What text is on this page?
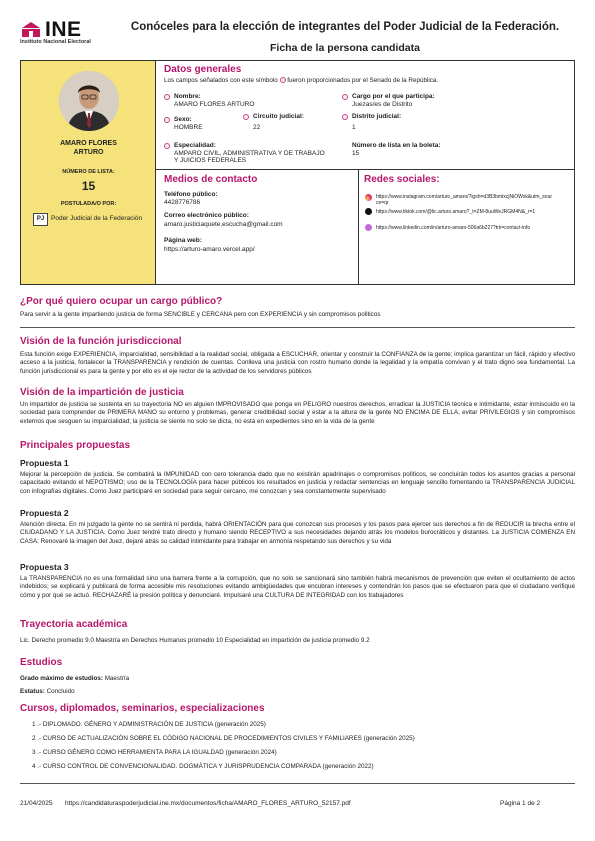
INE
Instituto Nacional Electoral
Conóceles para la elección de integrantes del Poder Judicial de la Federación.
Ficha de la persona candidata
AMARO FLORES
ARTURO
NÚMERO DE LISTA:
15
POSTULADA/O POR:
PJ	Poder Judicial de la Federación
Datos generales
Los campos señalados con este símbolo fueron proporcionados por el Senado de la República.
Nombre:
AMARO FLORES ARTURO
Cargo por el que participa:
Juezas/es de Distrito
Sexo:
HOMBRE
Circuito judicial:
22
Distrito judicial:
1
Especialidad:
AMPARO CIVIL, ADMINISTRATIVA Y DE TRABAJO
Y JUICIOS FEDERALES
Número de lista en la boleta:
15
Medios de contacto
Teléfono público:
4428776786
Correo electrónico público:
amaro.justiciaquete.escucha@gmail.com
Página web:
https://arturo-amaro.vercel.app/
Redes sociales:
https://www.instagram.com/arturo_amaro/?igsh=d3B3bmtxcjNiOWxk&utm_sour
ce=qr
https://www.tiktok.com/@lic.arturo.amaro?_t=ZM-8uuWeJRGM4N&_r=1
https://www.linkedin.com/in/arturo-amaro-506a6b227?trk=contact-info
¿Por qué quiero ocupar un cargo público?
Para servir a la gente impartiendo justicia de forma SENCIBLE y CERCANA pero con EXPERIENCIA y sin compromisos politicos
Visión de la función jurisdiccional
Esta función exige EXPERIENCIA, imparcialidad, sensibilidad a la realidad social, obligada a ESCUCHAR, orientar y construir la CONFIANZA de la gente; implica garantizar un fácil, rápido y efectivo acceso a la justicia, fortalecer la TRANSPARENCIA y rendición de cuentas. Conlleva una justicia con rostro humano donde la legalidad y la empatía convivan y el trato digno sea fundamental. La función jurisdiccional es para la gente y por ello es el eje rector de la actividad de los servidores públicos
Visión de la impartición de justicia
Un impartidor de justicia se sustenta en su trayectoria NO en alguien IMPROVISADO que ponga en PELIGRO nuestros derechos, erradicar la JUSTICIA técnica e intimidante, estar inmiscuido en la sociedad para comprender de PRIMERA MANO su entorno y problemas, generar credibilidad social y estar a la altura de la gente NO ENCIMA DE ELLA, evitar PRIVILEGIOS y sin compromisos externos que sesguen su imparcialidad; la justicia se siente no solo se dicta, no está en expedientes sino en la vida de la gente
Principales propuestas
Propuesta 1
Mejorar la percepción de justicia. Se combatirá la IMPUNIDAD con cero tolerancia dado que no existirán apadrinajes o compromisos políticos, se concluirán todos los asuntos gracias a personal capacitado evitando el NEPOTISMO; uso de la TECNOLOGÍA para hacer públicos los resultados en justicia y redactar sentencias en lenguaje sencillo fomentando la TRANSPARENCIA JUDICIAL con infografías digitales. Como Juez participaré en sociedad para seguir cercano, me conozcan y sea constantemente supervisado
Propuesta 2
Atención directa. En mi juzgado la gente no se sentirá ni perdida, habrá ORIENTACIÓN para que conozcan sus procesos y los pasos para ejercer sus derechos a fin de REDUCIR la brecha entre el CIUDADANO Y LA JUSTICIA. Como Juez tendré trato directo y humano siendo RECEPTIVO a sus necesidades dejando atrás los modelos burocráticos y distantes. La JUSTICIA COMIENZA EN CASA: Renovaré la imagen del Juez, dejaré atrás su calidad intimidante para trabajar en armonía respetando sus derechos y su vida
Propuesta 3
La TRANSPARENCIA no es una formalidad sino una barrera frente a la corrupción, que no solo se sancionará sino también habrá mecanismos de prevención que eviten el ocultamiento de actos indebidos; se explicará y publicará de forma accesible mis resoluciones evitando ambigüedades que encubran intereses y contendrán los pasos que se efectuaron para que el ciudadano verifiqué cómo y por qué se actuó. RECHAZARÉ la presión política y denunciaré. Impulsaré una CULTURA DE INTEGRIDAD con los trabajadores
Trayectoria académica
Lic. Derecho promedio 9.0 Maestría en Derechos Humanos promedio 10 Especialidad en impartición de justicia promedio 9.2
Estudios
Grado máximo de estudios: Maestría
Estatus: Concluido
Cursos, diplomados, seminarios, especializaciones
1 .- DIPLOMADO. GÉNERO Y ADMINISTRACIÓN DE JUSTICIA (generación 2025)
2 .- CURSO DE ACTUALIZACIÓN SOBRE EL CÓDIGO NACIONAL DE PROCEDIMIENTOS CIVILES Y FAMILIARES (generación 2025)
3 .- CURSO GÉNERO COMO HERRAMIENTA PARA LA IGUALDAD (generación 2024)
4 .- CURSO CONTROL DE CONVENCIONALIDAD. DOGMÁTICA Y JURISPRUDENCIA COMPARADA (generación 2022)
21/04/2025 https://candidaturaspoderjudicial.ine.mx/documentos/ficha/AMARO_FLORES_ARTURO_52157.pdf	Página 1 de 2
